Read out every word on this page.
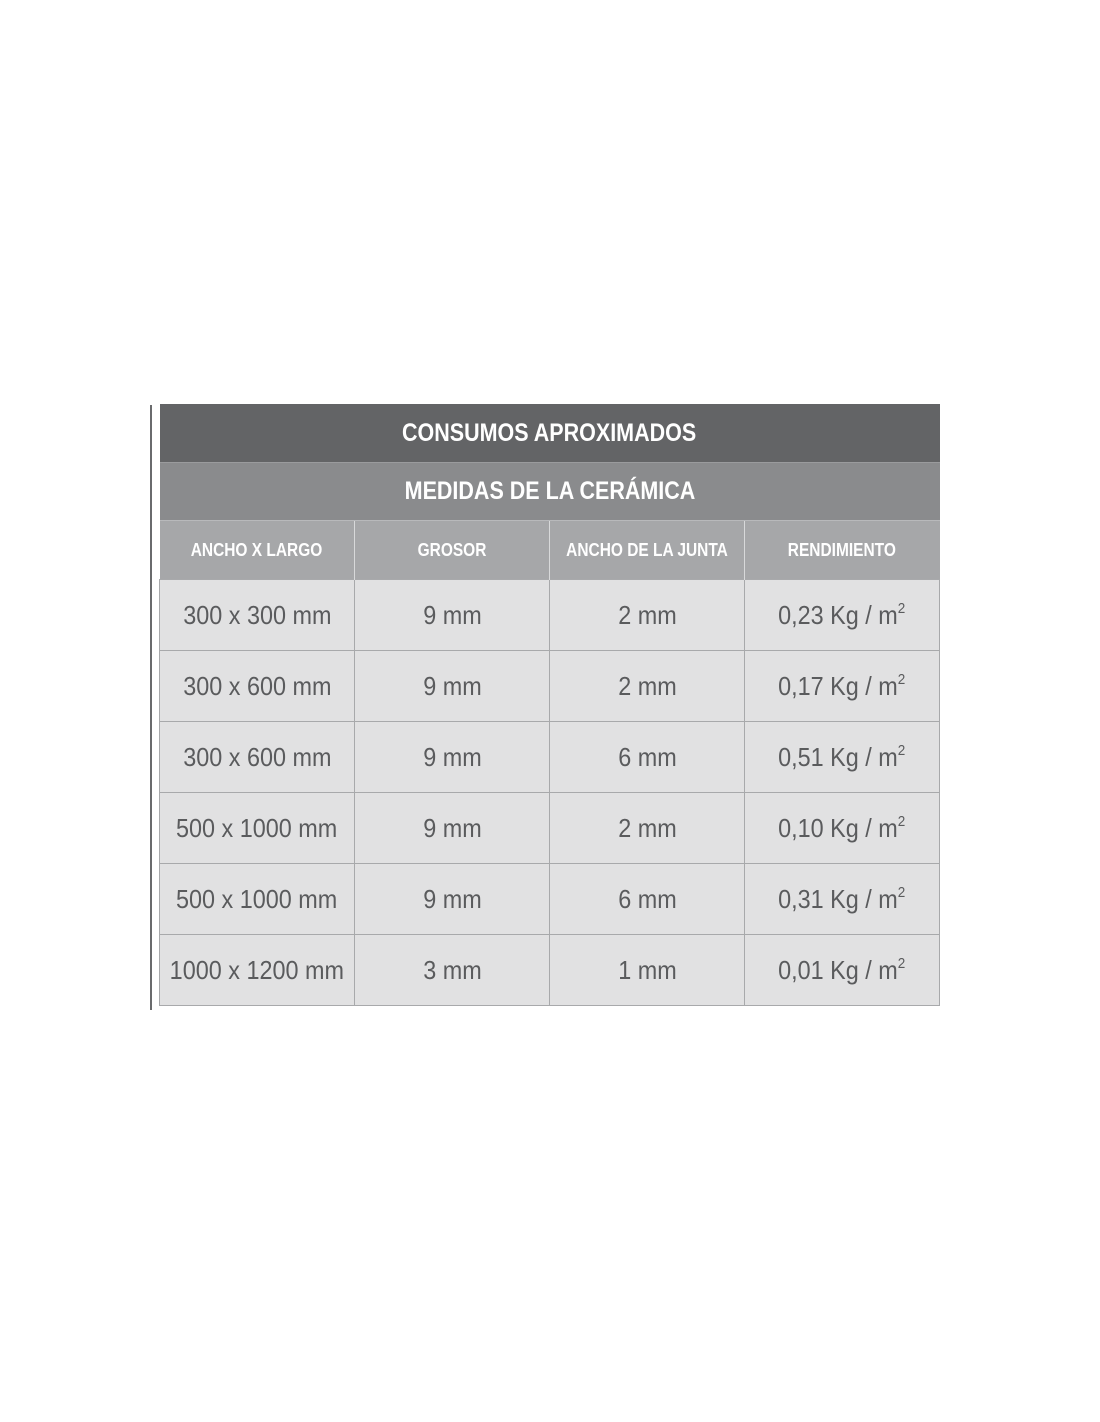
CONSUMOS APROXIMADOS			
MEDIDAS DE LA CERÁMICA			
ANCHO X LARGO	GROSOR	ANCHO DE LA JUNTA	RENDIMIENTO
300 x 300 mm	9 mm	2 mm	0,23 Kg / $m^2$
300 x 600 mm	9 mm	2 mm	0,17 Kg / $m^2$
300 x 600 mm	9 mm	6 mm	0,51 Kg / $m^2$
500 x 1000 mm	9 mm	2 mm	0,10 Kg / $m^2$
500 x 1000 mm	9 mm	6 mm	0,31 Kg / $m^2$
1000 x 1200 mm	3 mm	1 mm	0,01 Kg / $m^2$
